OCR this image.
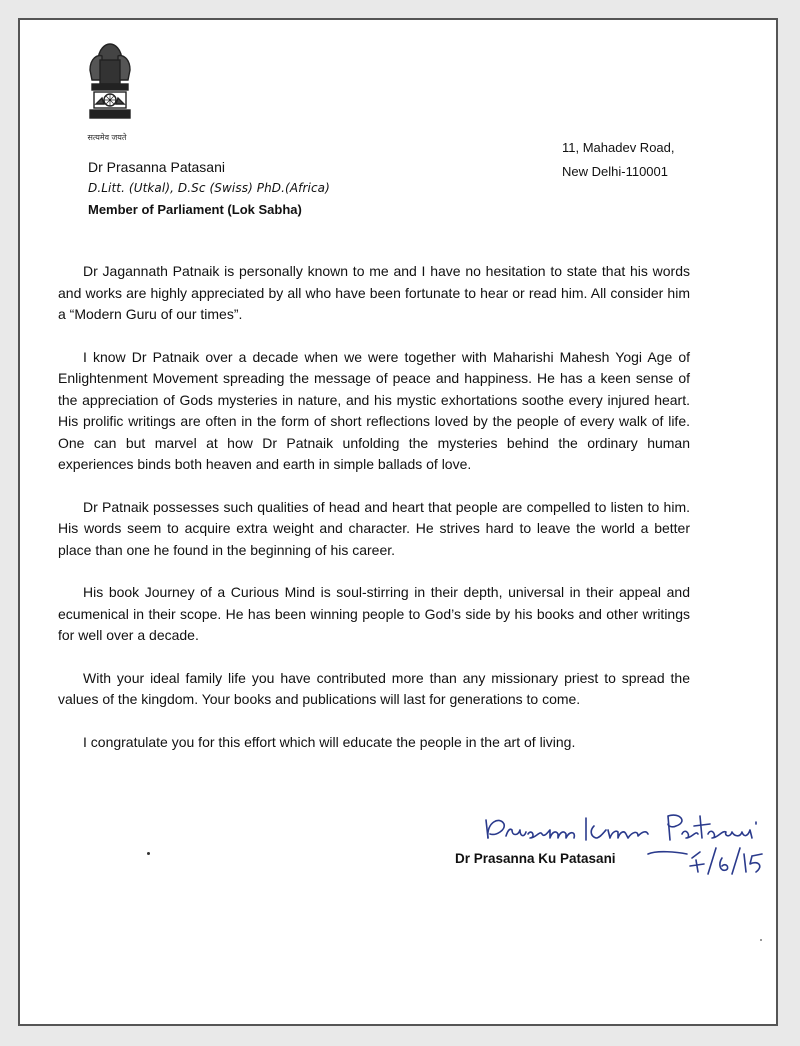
सत्यमेव जयते
Dr Prasanna Patasani
D.Litt. (Utkal), D.Sc (Swiss) PhD.(Africa)
Member of Parliament (Lok Sabha)
11, Mahadev Road,
New Delhi-110001

Dr Jagannath Patnaik is personally known to me and I have no hesitation to state that his words and works are highly appreciated by all who have been fortunate to hear or read him. All consider him a “Modern Guru of our times”.

I know Dr Patnaik over a decade when we were together with Maharishi Mahesh Yogi Age of Enlightenment Movement spreading the message of peace and happiness. He has a keen sense of the appreciation of Gods mysteries in nature, and his mystic exhortations soothe every injured heart. His prolific writings are often in the form of short reflections loved by the people of every walk of life. One can but marvel at how Dr Patnaik unfolding the mysteries behind the ordinary human experiences binds both heaven and earth in simple ballads of love.

Dr Patnaik possesses such qualities of head and heart that people are compelled to listen to him. His words seem to acquire extra weight and character. He strives hard to leave the world a better place than one he found in the beginning of his career.

His book Journey of a Curious Mind is soul-stirring in their depth, universal in their appeal and ecumenical in their scope. He has been winning people to God’s side by his books and other writings for well over a decade.

With your ideal family life you have contributed more than any missionary priest to spread the values of the kingdom. Your books and publications will last for generations to come.

I congratulate you for this effort which will educate the people in the art of living.

Dr Prasanna Ku Patasani
